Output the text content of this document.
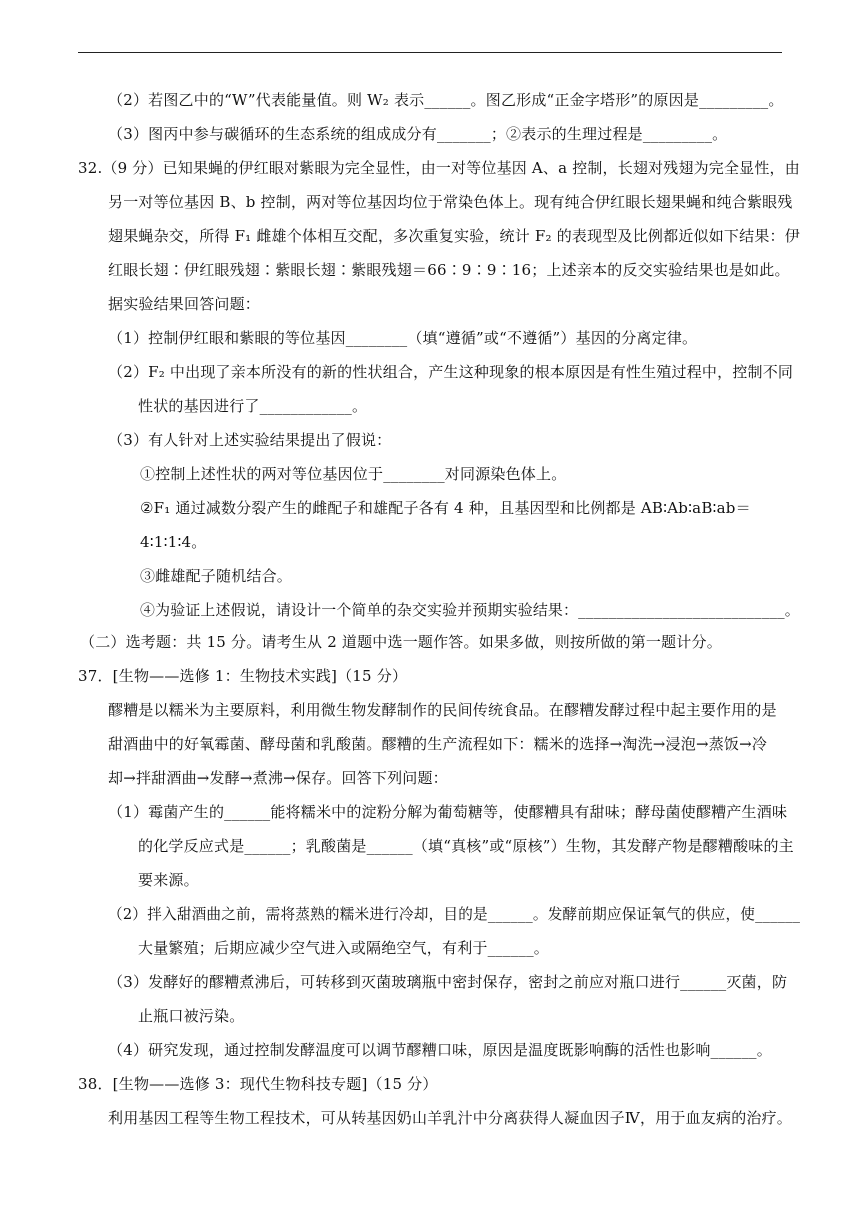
（2）若图乙中的“W”代表能量值。则 W₂ 表示______。图乙形成“正金字塔形”的原因是_________。
（3）图丙中参与碳循环的生态系统的组成成分有_______；②表示的生理过程是_________。
32.（9 分）已知果蝇的伊红眼对紫眼为完全显性，由一对等位基因 A、a 控制，长翅对残翅为完全显性，由
另一对等位基因 B、b 控制，两对等位基因均位于常染色体上。现有纯合伊红眼长翅果蝇和纯合紫眼残
翅果蝇杂交，所得 F₁ 雌雄个体相互交配，多次重复实验，统计 F₂ 的表现型及比例都近似如下结果：伊
红眼长翅∶伊红眼残翅∶紫眼长翅∶紫眼残翅＝66∶9∶9∶16；上述亲本的反交实验结果也是如此。
据实验结果回答问题：
（1）控制伊红眼和紫眼的等位基因________（填“遵循”或“不遵循”）基因的分离定律。
（2）F₂ 中出现了亲本所没有的新的性状组合，产生这种现象的根本原因是有性生殖过程中，控制不同
性状的基因进行了____________。
（3）有人针对上述实验结果提出了假说：
①控制上述性状的两对等位基因位于________对同源染色体上。
②F₁ 通过减数分裂产生的雌配子和雄配子各有 4 种，且基因型和比例都是 AB∶Ab∶aB∶ab＝
4∶1∶1∶4。
③雌雄配子随机结合。
④为验证上述假说，请设计一个简单的杂交实验并预期实验结果：___________________________。
（二）选考题：共 15 分。请考生从 2 道题中选一题作答。如果多做，则按所做的第一题计分。
37．[生物——选修 1：生物技术实践]（15 分）
醪糟是以糯米为主要原料，利用微生物发酵制作的民间传统食品。在醪糟发酵过程中起主要作用的是
甜酒曲中的好氧霉菌、酵母菌和乳酸菌。醪糟的生产流程如下：糯米的选择→淘洗→浸泡→蒸饭→冷
却→拌甜酒曲→发酵→煮沸→保存。回答下列问题：
（1）霉菌产生的______能将糯米中的淀粉分解为葡萄糖等，使醪糟具有甜味；酵母菌使醪糟产生酒味
的化学反应式是______；乳酸菌是______（填“真核”或“原核”）生物，其发酵产物是醪糟酸味的主
要来源。
（2）拌入甜酒曲之前，需将蒸熟的糯米进行冷却，目的是______。发酵前期应保证氧气的供应，使______
大量繁殖；后期应减少空气进入或隔绝空气，有利于______。
（3）发酵好的醪糟煮沸后，可转移到灭菌玻璃瓶中密封保存，密封之前应对瓶口进行______灭菌，防
止瓶口被污染。
（4）研究发现，通过控制发酵温度可以调节醪糟口味，原因是温度既影响酶的活性也影响______。
38．[生物——选修 3：现代生物科技专题]（15 分）
利用基因工程等生物工程技术，可从转基因奶山羊乳汁中分离获得人凝血因子Ⅳ，用于血友病的治疗。
